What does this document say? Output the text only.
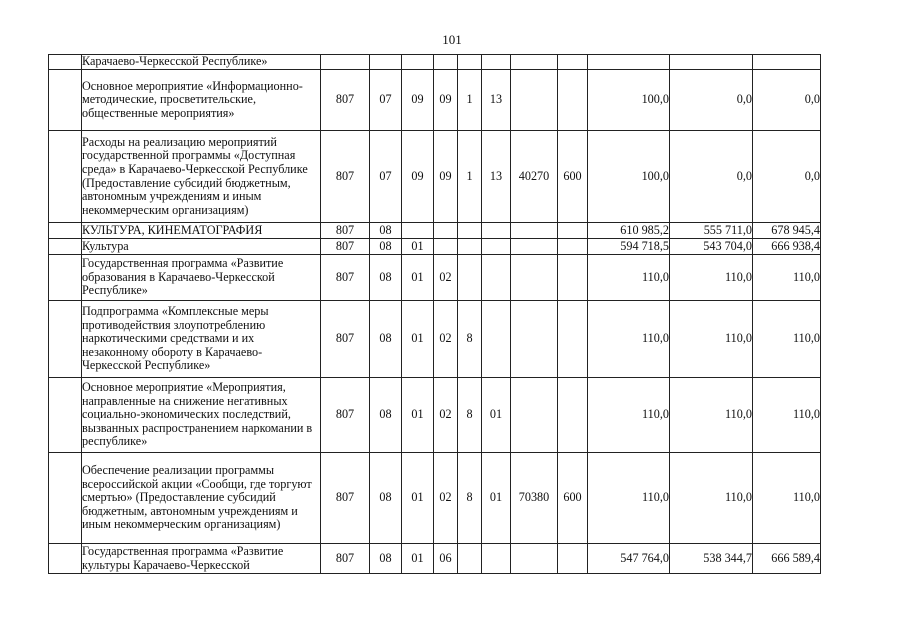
101
	Карачаево-Черкесской Республике»											
	Основное мероприятие «Информационно-методические, просветительские, общественные мероприятия»	807	07	09	09	1	13			100,0	0,0	0,0
	Расходы на реализацию мероприятий государственной программы «Доступная среда» в Карачаево-Черкесской Республике (Предоставление субсидий бюджетным, автономным учреждениям и иным некоммерческим организациям)	807	07	09	09	1	13	40270	600	100,0	0,0	0,0
	КУЛЬТУРА, КИНЕМАТОГРАФИЯ	807	08							610 985,2	555 711,0	678 945,4
	Культура	807	08	01						594 718,5	543 704,0	666 938,4
	Государственная программа «Развитие образования в Карачаево-Черкесской Республике»	807	08	01	02					110,0	110,0	110,0
	Подпрограмма «Комплексные меры противодействия злоупотреблению наркотическими средствами и их незаконному обороту в Карачаево-Черкесской Республике»	807	08	01	02	8				110,0	110,0	110,0
	Основное мероприятие «Мероприятия, направленные на снижение негативных социально-экономических последствий, вызванных распространением наркомании в республике»	807	08	01	02	8	01			110,0	110,0	110,0
	Обеспечение реализации программы всероссийской акции «Сообщи, где торгуют смертью» (Предоставление субсидий бюджетным, автономным учреждениям и иным некоммерческим организациям)	807	08	01	02	8	01	70380	600	110,0	110,0	110,0
	Государственная программа «Развитие культуры Карачаево-Черкесской	807	08	01	06					547 764,0	538 344,7	666 589,4
